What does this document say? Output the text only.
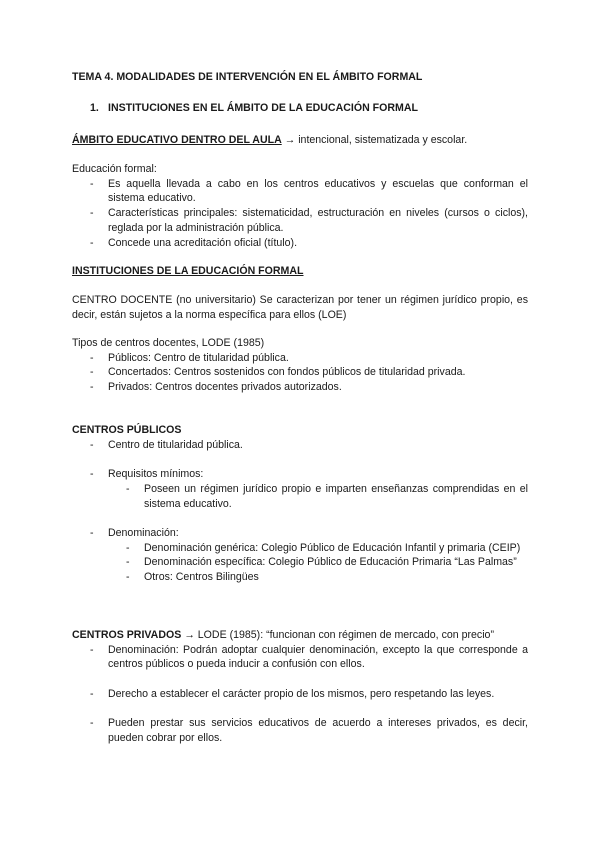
TEMA 4. MODALIDADES DE INTERVENCIÓN EN EL ÁMBITO FORMAL

1. INSTITUCIONES EN EL ÁMBITO DE LA EDUCACIÓN FORMAL

ÁMBITO EDUCATIVO DENTRO DEL AULA → intencional, sistematizada y escolar.

Educación formal:
- Es aquella llevada a cabo en los centros educativos y escuelas que conforman el sistema educativo.
- Características principales: sistematicidad, estructuración en niveles (cursos o ciclos), reglada por la administración pública.
- Concede una acreditación oficial (título).

INSTITUCIONES DE LA EDUCACIÓN FORMAL

CENTRO DOCENTE (no universitario) Se caracterizan por tener un régimen jurídico propio, es decir, están sujetos a la norma específica para ellos (LOE)

Tipos de centros docentes, LODE (1985)
- Públicos: Centro de titularidad pública.
- Concertados: Centros sostenidos con fondos públicos de titularidad privada.
- Privados: Centros docentes privados autorizados.
CENTROS PÚBLICOS
- Centro de titularidad pública.
- Requisitos mínimos:
- Poseen un régimen jurídico propio e imparten enseñanzas comprendidas en el sistema educativo.
- Denominación:
- Denominación genérica: Colegio Público de Educación Infantil y primaria (CEIP)
- Denominación específica: Colegio Público de Educación Primaria “Las Palmas”
- Otros: Centros Bilingües
CENTROS PRIVADOS → LODE (1985): “funcionan con régimen de mercado, con precio”
- Denominación: Podrán adoptar cualquier denominación, excepto la que corresponde a centros públicos o pueda inducir a confusión con ellos.
- Derecho a establecer el carácter propio de los mismos, pero respetando las leyes.
- Pueden prestar sus servicios educativos de acuerdo a intereses privados, es decir, pueden cobrar por ellos.
